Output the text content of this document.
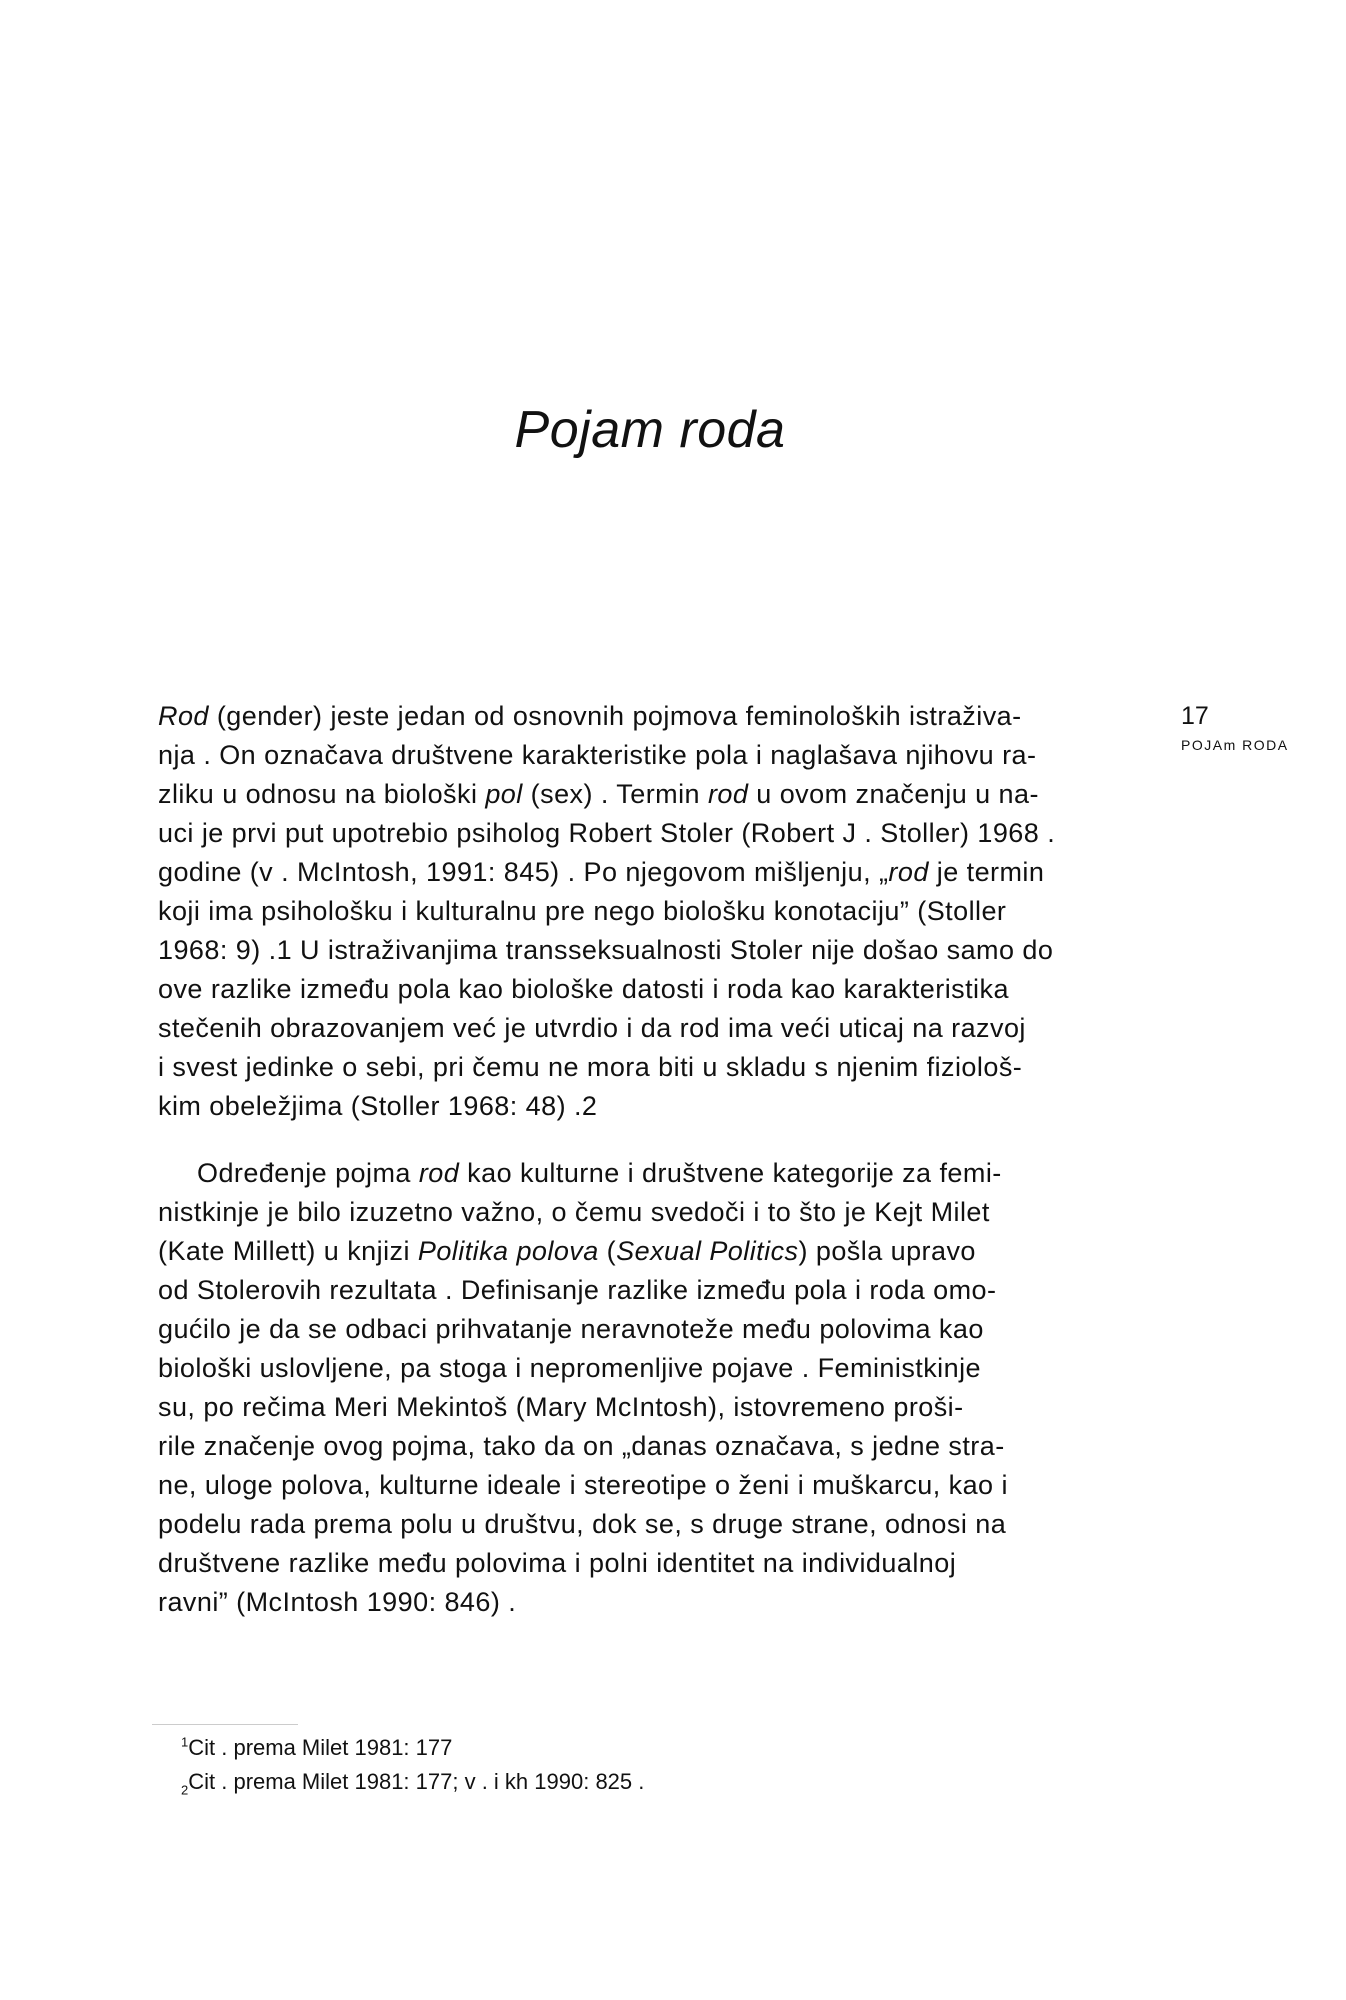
Pojam roda
Rod (gender) jeste jedan od osnovnih pojmova feminoloških istraživa-
nja . On označava društvene karakteristike pola i naglašava njihovu ra-
zliku u odnosu na biološki pol (sex) . Termin rod u ovom značenju u na-
uci je prvi put upotrebio psiholog Robert Stoler (Robert J . Stoller) 1968 .
godine (v . McIntosh, 1991: 845) . Po njegovom mišljenju, „rod je termin
koji ima psihološku i kulturalnu pre nego biološku konotaciju” (Stoller
1968: 9) .1 U istraživanjima transseksualnosti Stoler nije došao samo do
ove razlike između pola kao biološke datosti i roda kao karakteristika
stečenih obrazovanjem već je utvrdio i da rod ima veći uticaj na razvoj
i svest jedinke o sebi, pri čemu ne mora biti u skladu s njenim fiziološ-
kim obeležjima (Stoller 1968: 48) .2
Određenje pojma rod kao kulturne i društvene kategorije za femi-
nistkinje je bilo izuzetno važno, o čemu svedoči i to što je Kejt Milet
(Kate Millett) u knjizi Politika polova (Sexual Politics) pošla upravo
od Stolerovih rezultata . Definisanje razlike između pola i roda omo-
gućilo je da se odbaci prihvatanje neravnoteže među polovima kao
biološki uslovljene, pa stoga i nepromenljive pojave . Feministkinje
su, po rečima Meri Mekintoš (Mary McIntosh), istovremeno proši-
rile značenje ovog pojma, tako da on „danas označava, s jedne stra-
ne, uloge polova, kulturne ideale i stereotipe o ženi i muškarcu, kao i
podelu rada prema polu u društvu, dok se, s druge strane, odnosi na
društvene razlike među polovima i polni identitet na individualnoj
ravni” (McIntosh 1990: 846) .
17
POJAm RODA
$^1$Cit . prema Milet 1981: 177
$_2$Cit . prema Milet 1981: 177; v . i kh 1990: 825 .
